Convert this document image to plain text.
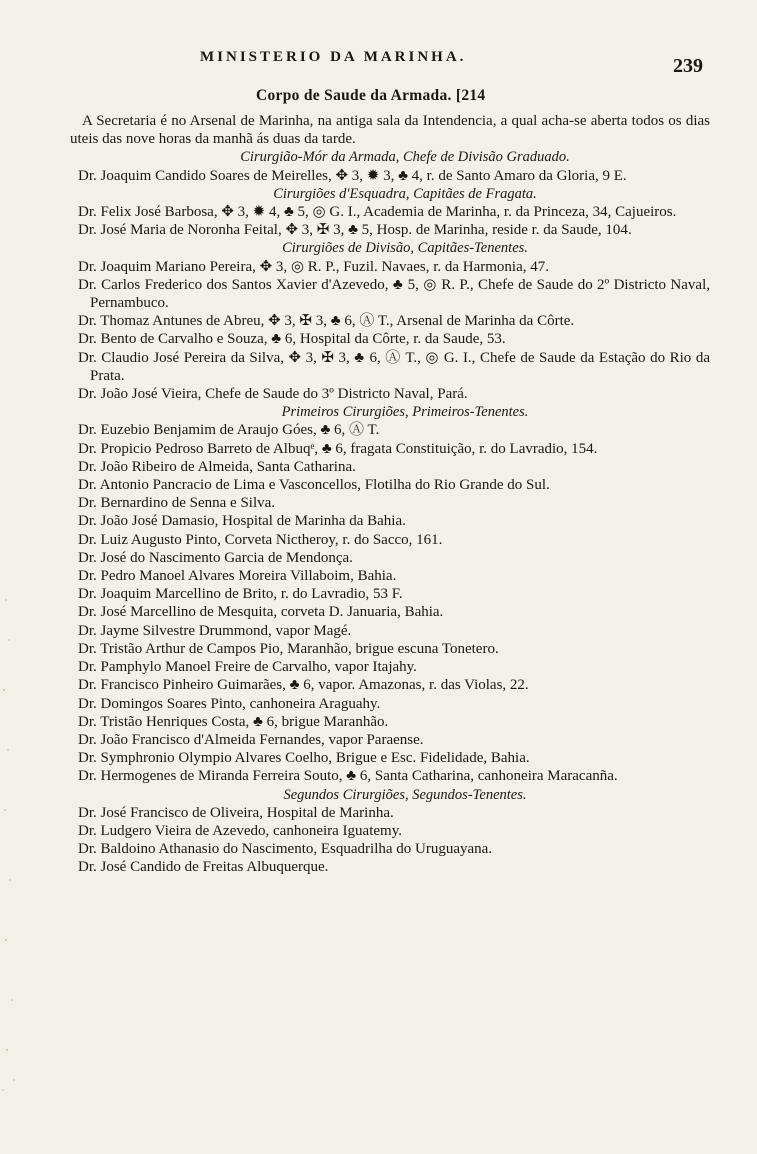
MINISTERIO DA MARINHA.	239
Corpo de Saude da Armada. [214

A Secretaria é no Arsenal de Marinha, na antiga sala da Intendencia, a qual acha-se aberta todos os dias uteis das nove horas da manhã ás duas da tarde.

Cirurgião-Mór da Armada, Chefe de Divisão Graduado.

Dr. Joaquim Candido Soares de Meirelles, ✥ 3, ✹ 3, ♣ 4, r. de Santo Amaro da Gloria, 9 E.

Cirurgiões d'Esquadra, Capitães de Fragata.

Dr. Felix José Barbosa, ✥ 3, ✹ 4, ♣ 5, ◎ G. I., Academia de Marinha, r. da Princeza, 34, Cajueiros.

Dr. José Maria de Noronha Feital, ✥ 3, ✠ 3, ♣ 5, Hosp. de Marinha, reside r. da Saude, 104.

Cirurgiões de Divisão, Capitães-Tenentes.

Dr. Joaquim Mariano Pereira, ✥ 3, ◎ R. P., Fuzil. Navaes, r. da Harmonia, 47.

Dr. Carlos Frederico dos Santos Xavier d'Azevedo, ♣ 5, ◎ R. P., Chefe de Saude do 2º Districto Naval, Pernambuco.

Dr. Thomaz Antunes de Abreu, ✥ 3, ✠ 3, ♣ 6, Ⓐ T., Arsenal de Marinha da Côrte.

Dr. Bento de Carvalho e Souza, ♣ 6, Hospital da Côrte, r. da Saude, 53.

Dr. Claudio José Pereira da Silva, ✥ 3, ✠ 3, ♣ 6, Ⓐ T., ◎ G. I., Chefe de Saude da Estação do Rio da Prata.

Dr. João José Vieira, Chefe de Saude do 3º Districto Naval, Pará.

Primeiros Cirurgiões, Primeiros-Tenentes.

Dr. Euzebio Benjamim de Araujo Góes, ♣ 6, Ⓐ T.

Dr. Propicio Pedroso Barreto de Albuqᵉ, ♣ 6, fragata Constituição, r. do Lavradio, 154.

Dr. João Ribeiro de Almeida, Santa Catharina.

Dr. Antonio Pancracio de Lima e Vasconcellos, Flotilha do Rio Grande do Sul.

Dr. Bernardino de Senna e Silva.

Dr. João José Damasio, Hospital de Marinha da Bahia.

Dr. Luiz Augusto Pinto, Corveta Nictheroy, r. do Sacco, 161.

Dr. José do Nascimento Garcia de Mendonça.

Dr. Pedro Manoel Alvares Moreira Villaboim, Bahia.

Dr. Joaquim Marcellino de Brito, r. do Lavradio, 53 F.

Dr. José Marcellino de Mesquita, corveta D. Januaria, Bahia.

Dr. Jayme Silvestre Drummond, vapor Magé.

Dr. Tristão Arthur de Campos Pio, Maranhão, brigue escuna Tonetero.

Dr. Pamphylo Manoel Freire de Carvalho, vapor Itajahy.

Dr. Francisco Pinheiro Guimarães, ♣ 6, vapor. Amazonas, r. das Violas, 22.

Dr. Domingos Soares Pinto, canhoneira Araguahy.

Dr. Tristão Henriques Costa, ♣ 6, brigue Maranhão.

Dr. João Francisco d'Almeida Fernandes, vapor Paraense.

Dr. Symphronio Olympio Alvares Coelho, Brigue e Esc. Fidelidade, Bahia.

Dr. Hermogenes de Miranda Ferreira Souto, ♣ 6, Santa Catharina, canhoneira Maracanña.

Segundos Cirurgiões, Segundos-Tenentes.

Dr. José Francisco de Oliveira, Hospital de Marinha.

Dr. Ludgero Vieira de Azevedo, canhoneira Iguatemy.

Dr. Baldoino Athanasio do Nascimento, Esquadrilha do Uruguayana.

Dr. José Candido de Freitas Albuquerque.
